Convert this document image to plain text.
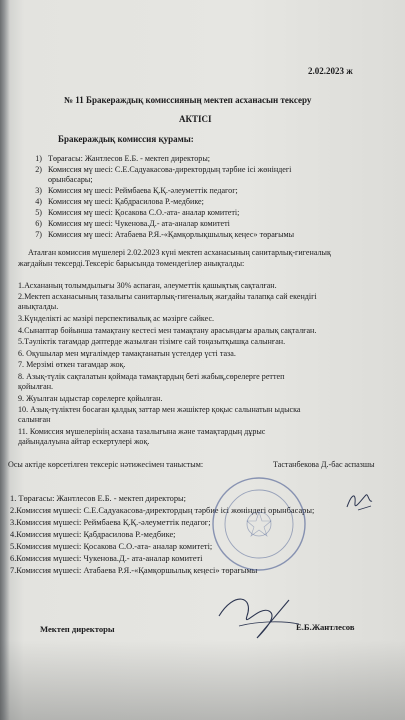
2.02.2023 ж
№ 11 Бракераждық комиссияның мектеп асханасын тексеру
АКТІСІ
Бракераждық комиссия қурамы:
1) Төрағасы: Жантлесов Е.Б. - мектеп директоры;
2) Комиссия мү шесі: С.Е.Садуакасова-директордың тәрбие ісі жөніндегі
орынбасары;
3) Комиссия мү шесі: Реймбаева Қ.Қ.-әлеуметтік педагог;
4) Комиссия мү шесі: Қабдрасилова Р.-медбике;
5) Комиссия мү шесі: Қосакова С.О.-ата- аналар комитеті;
6) Комиссия мү шесі: Чукенова.Д.- ата-аналар комитеті
7) Комиссия мү шесі: Атабаева Р.Я.-«Қамқорлықшылық кеңес» төрағымы
Аталған комиссия мүшелері 2.02.2023 күні мектеп асханасының санитарлық-гигеналық
жағдайын тексерді.Тексеріс барысында төмендегілер анықталды:
1.Асхананың толымдылығы 30% аспаған, әлеуметтік қашықтық сақталған.
2.Мектеп асханасының тазалығы санитарлық-гигеналық жағдайы талапқа сай екендігі
анықталды.
3.Күнделікті ас мәзірі перспективалық ас мәзірге сәйкес.
4.Сынаптар бойынша тамақтану кестесі мен тамақтану арасындағы аралық сақталған.
5.Тәуліктік тағамдар дәптерде жазылған тізімге сай тоңазытқышқа салынған.
6. Оқушылар мен мұғалімдер тамақтанатын үстелдер үсті таза.
7. Мерзімі өткен тағамдар жоқ.
8. Азық-түлік сақталатын қоймада тамақтардың беті жабық,сөрелерге реттеп
қойылған.
9. Жуылған ыдыстар сөрелерге қойылған.
10. Азық-түліктен босаған қалдық заттар мен жәшіктер қоқыс салынатын ыдыска
салынған
11. Комиссия мүшелерінің асхана тазалығына және тамақтардың дұрыс
дайындалуына айтар ескертулері жоқ.
Осы актіде көрсетілген тексеріс нәтижесімен таныстым:	Тастанбекова Д.-бас аспазшы
1. Төрағасы: Жантлесов Е.Б. - мектеп директоры;
2.Комиссия мүшесі: С.Е.Садуакасова-директордың тәрбие ісі жөніндегі орынбасары;
3.Комиссия мүшесі: Реймбаева Қ.Қ.-әлеуметтік педагог;
4.Комиссия мүшесі: Қабдрасилова Р.-медбике;
5.Комиссия мүшесі: Қосакова С.О.-ата- аналар комитеті;
6.Комиссия мүшесі: Чукенова.Д.- ата-аналар комитеті
7.Комиссия мүшесі: Атабаева Р.Я.-«Қамқоршылық кеңесі» төрағымы
Мектеп директоры	Е.Б.Жантлесов
